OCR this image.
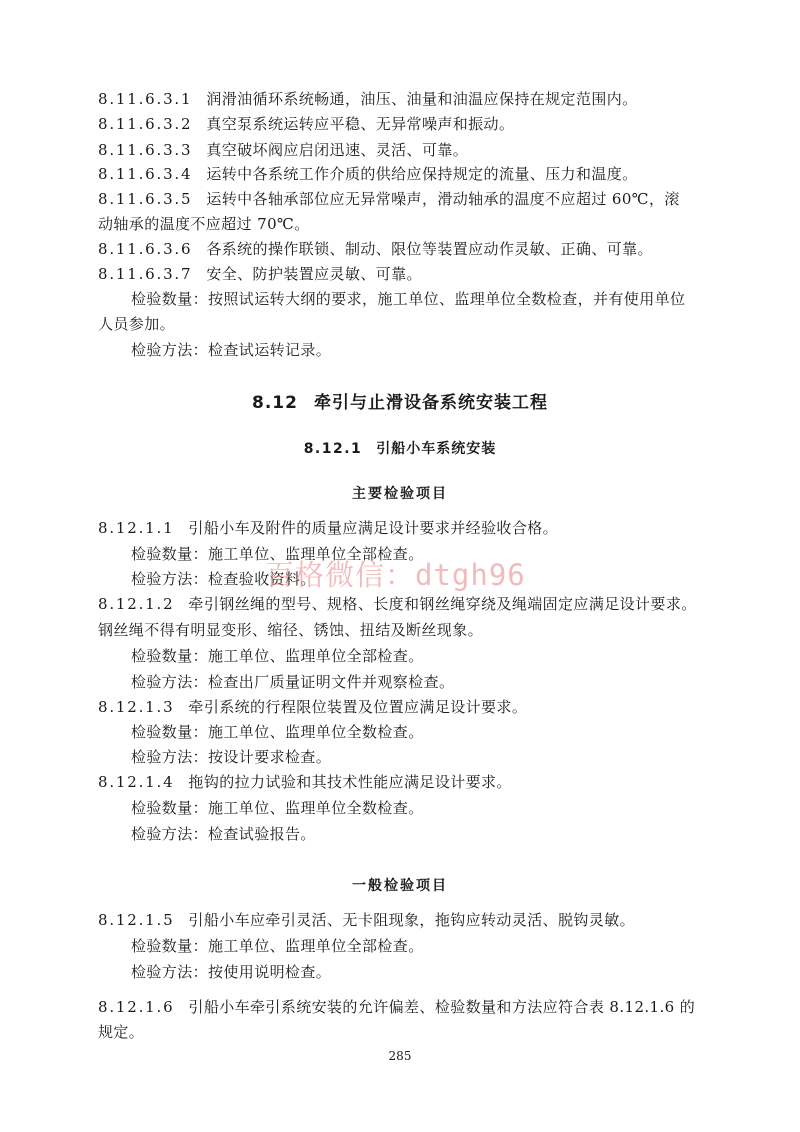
8.11.6.3.1 润滑油循环系统畅通，油压、油量和油温应保持在规定范围内。
8.11.6.3.2 真空泵系统运转应平稳、无异常噪声和振动。
8.11.6.3.3 真空破坏阀应启闭迅速、灵活、可靠。
8.11.6.3.4 运转中各系统工作介质的供给应保持规定的流量、压力和温度。
8.11.6.3.5 运转中各轴承部位应无异常噪声，滑动轴承的温度不应超过 60℃，滚
动轴承的温度不应超过 70℃。
8.11.6.3.6 各系统的操作联锁、制动、限位等装置应动作灵敏、正确、可靠。
8.11.6.3.7 安全、防护装置应灵敏、可靠。
检验数量：按照试运转大纲的要求，施工单位、监理单位全数检查，并有使用单位
人员参加。
检验方法：检查试运转记录。
8.12 牵引与止滑设备系统安装工程
8.12.1 引船小车系统安装
主要检验项目
8.12.1.1 引船小车及附件的质量应满足设计要求并经验收合格。
检验数量：施工单位、监理单位全部检查。
检验方法：检查验收资料。
8.12.1.2 牵引钢丝绳的型号、规格、长度和钢丝绳穿绕及绳端固定应满足设计要求。
钢丝绳不得有明显变形、缩径、锈蚀、扭结及断丝现象。
检验数量：施工单位、监理单位全部检查。
检验方法：检查出厂质量证明文件并观察检查。
8.12.1.3 牵引系统的行程限位装置及位置应满足设计要求。
检验数量：施工单位、监理单位全数检查。
检验方法：按设计要求检查。
8.12.1.4 拖钩的拉力试验和其技术性能应满足设计要求。
检验数量：施工单位、监理单位全数检查。
检验方法：检查试验报告。
一般检验项目
8.12.1.5 引船小车应牵引灵活、无卡阻现象，拖钩应转动灵活、脱钩灵敏。
检验数量：施工单位、监理单位全部检查。
检验方法：按使用说明检查。
8.12.1.6 引船小车牵引系统安装的允许偏差、检验数量和方法应符合表 8.12.1.6 的
规定。
百格微信：dtgh96
285
